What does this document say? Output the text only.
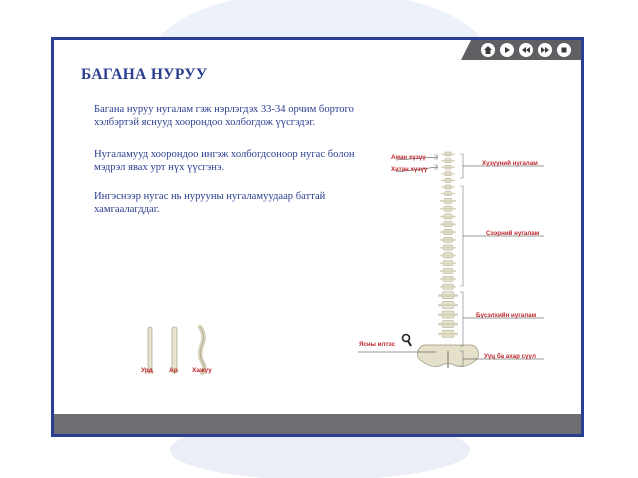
БАГАНА НУРУУ

Багана нуруу нугалам гэж нэрлэгдэх 33-34 орчим бортого хэлбэртэй яснууд хоорондоо холбогдож үүсгэдэг.

Нугаламууд хоорондоо ингэж холбогдсоноор нугас болон мэдрэл явах урт нүх үүсгэнэ.

Ингэснээр нугас нь нурууны нугаламуудаар баттай хамгаалагддаг.

Урд	Ар Хажуу
Аман хүзүү
Хатан хүзүү
Хүзүүний нугалам
Сээрний нугалам
Бүсэлхийн нугалам
Уүц ба ахар сүүл
Ясны илтэс
